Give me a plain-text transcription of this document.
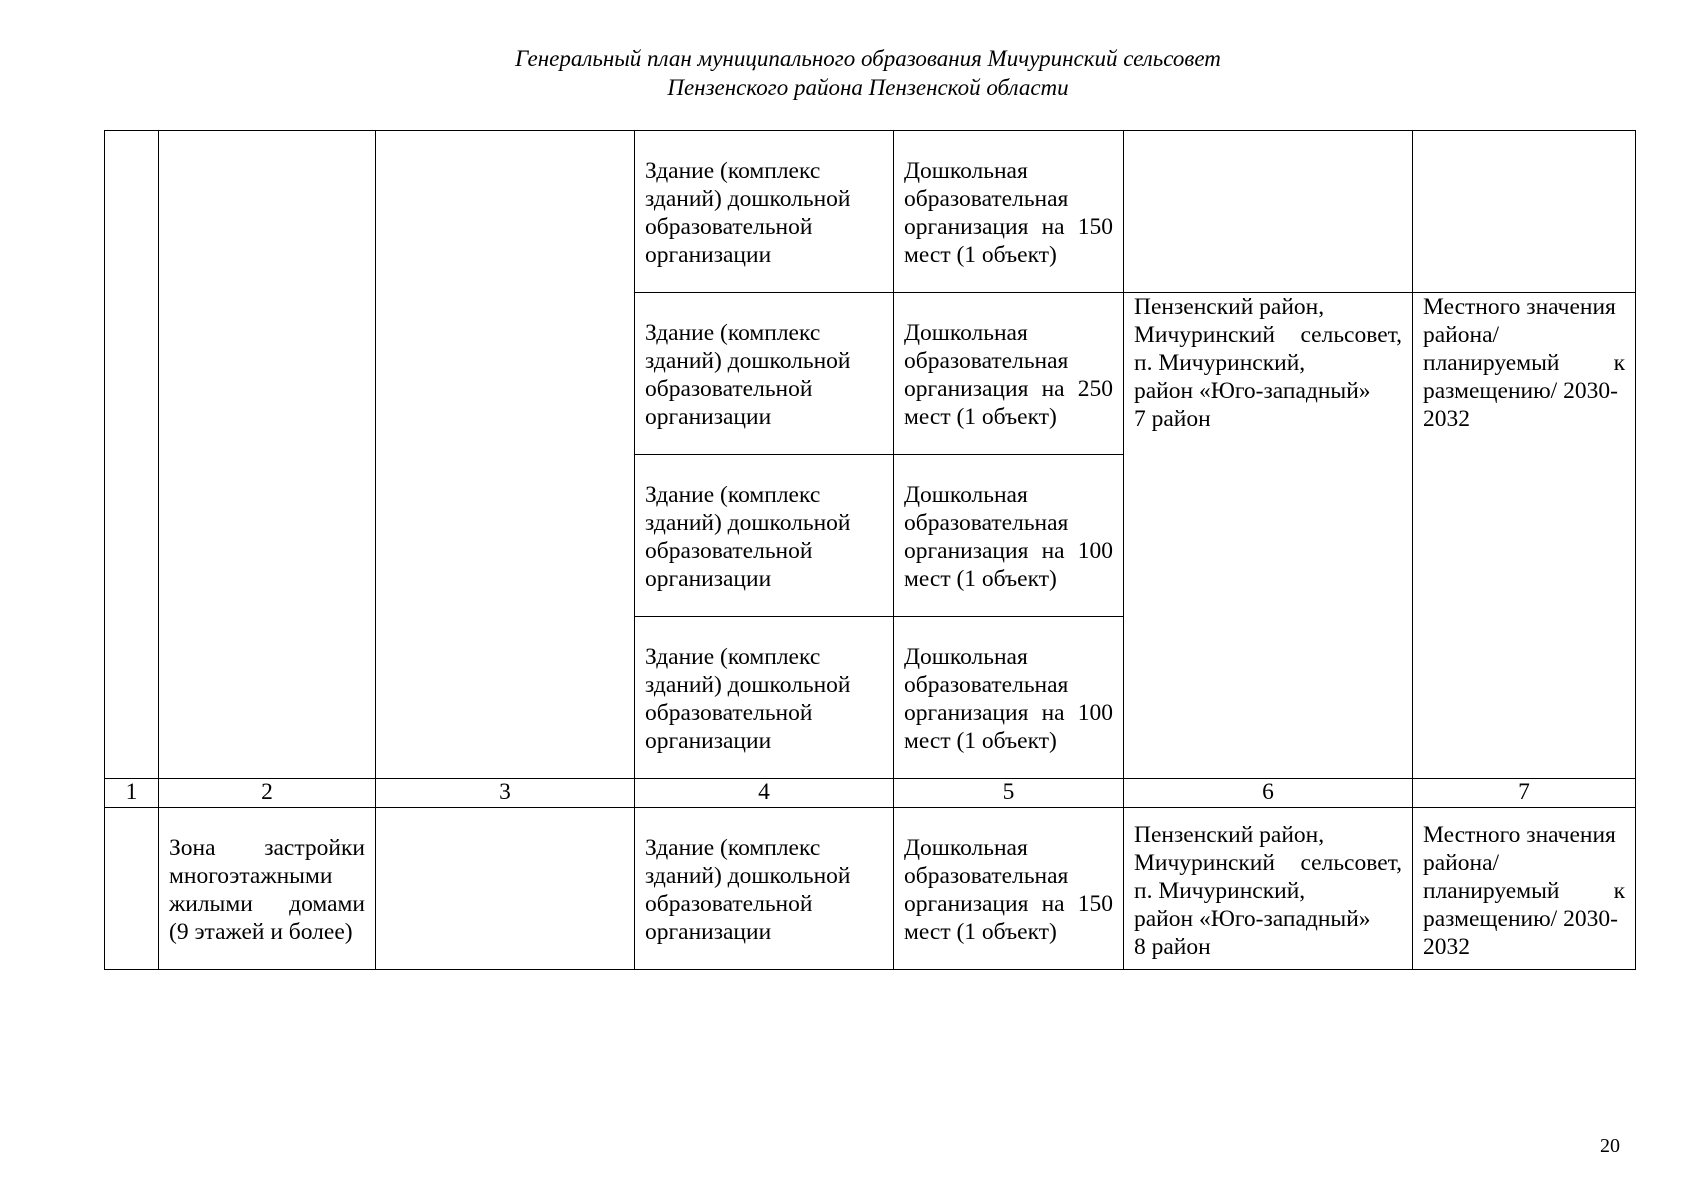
Генеральный план муниципального образования Мичуринский сельсовет
Пензенского района Пензенской области

			Здание (комплекс
зданий) дошкольной
образовательной
организации	Дошкольная
образовательная
организация на 150
мест (1 объект)		

			Здание (комплекс
зданий) дошкольной
образовательной
организации	Дошкольная
образовательная
организация на 250
мест (1 объект)	Пензенский район,
Мичуринский сельсовет,
п. Мичуринский,
район «Юго-западный»
7 район	Местного значения
района/
планируемый к
размещению/ 2030-
2032

			Здание (комплекс
зданий) дошкольной
образовательной
организации	Дошкольная
образовательная
организация на 100
мест (1 объект)		

			Здание (комплекс
зданий) дошкольной
образовательной
организации	Дошкольная
образовательная
организация на 100
мест (1 объект)		

1	2	3	4	5	6	7

	Зона застройки
многоэтажными
жилыми домами
(9 этажей и более)		Здание (комплекс
зданий) дошкольной
образовательной
организации	Дошкольная
образовательная
организация на 150
мест (1 объект)	Пензенский район,
Мичуринский сельсовет,
п. Мичуринский,
район «Юго-западный»
8 район	Местного значения
района/
планируемый к
размещению/ 2030-
2032
20
